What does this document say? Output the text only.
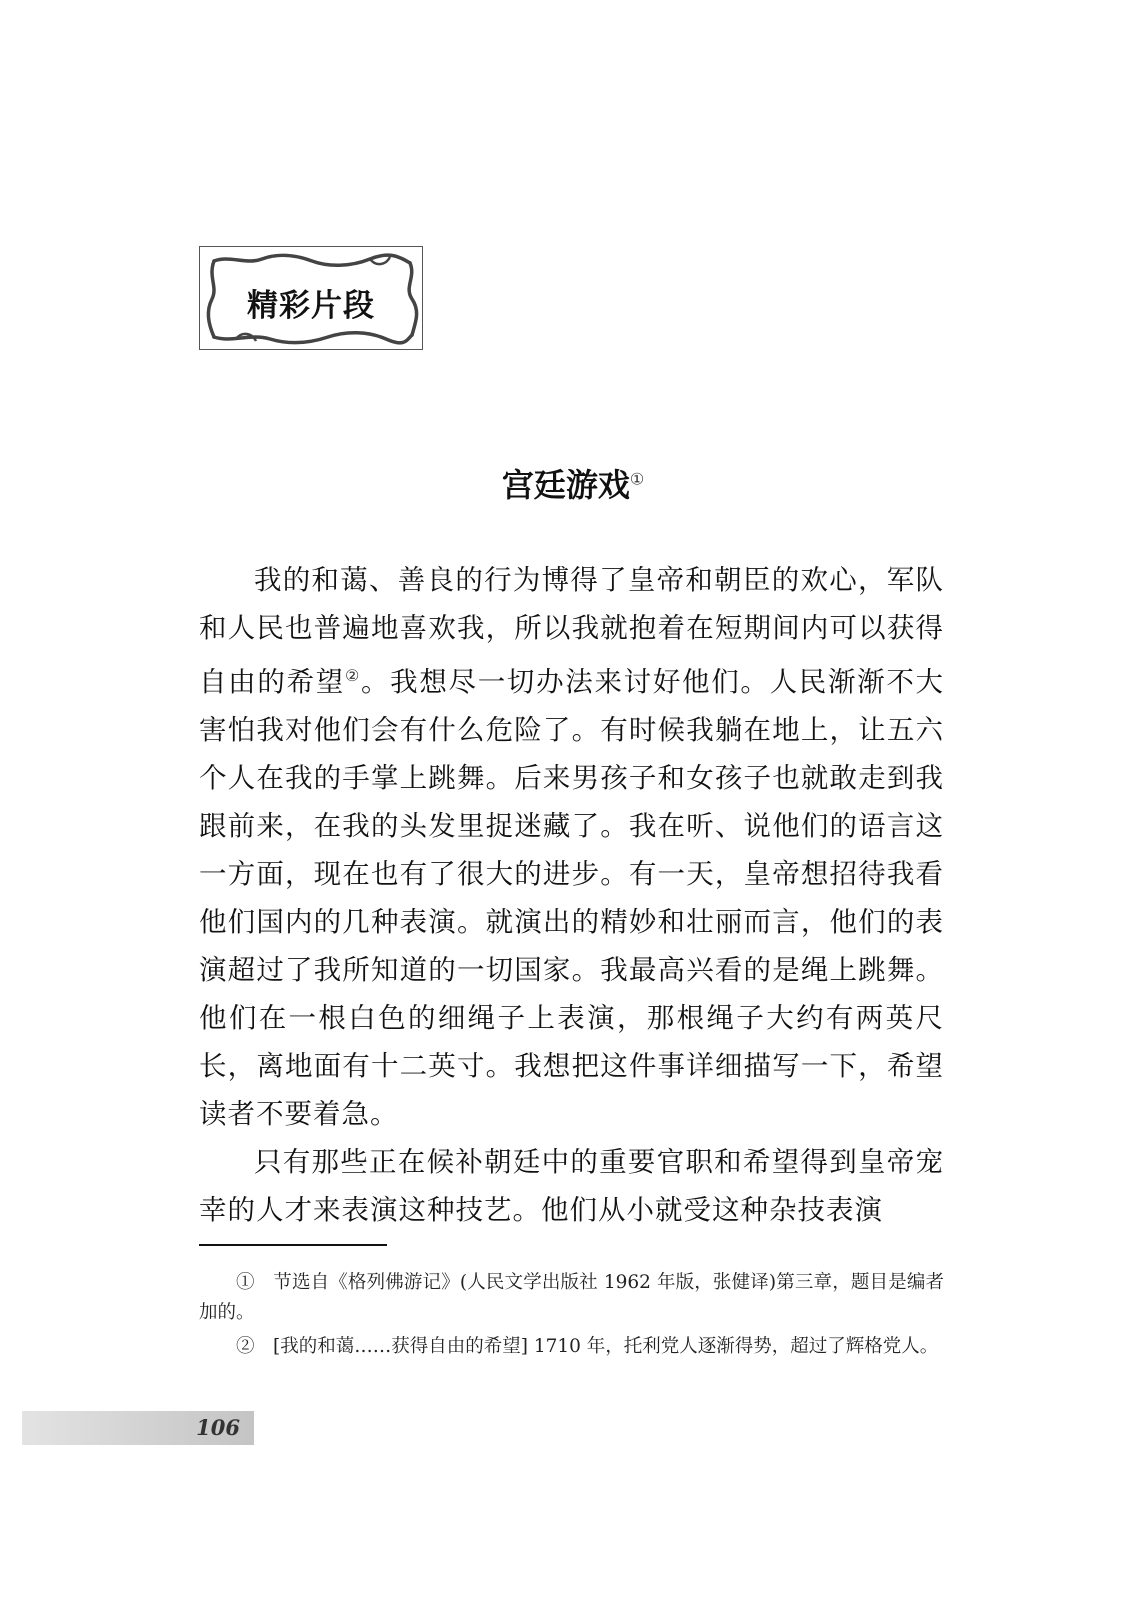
精彩片段
宫廷游戏①

我的和蔼、善良的行为博得了皇帝和朝臣的欢心，军队和人民也普遍地喜欢我，所以我就抱着在短期间内可以获得自由的希望②。我想尽一切办法来讨好他们。人民渐渐不大害怕我对他们会有什么危险了。有时候我躺在地上，让五六个人在我的手掌上跳舞。后来男孩子和女孩子也就敢走到我跟前来，在我的头发里捉迷藏了。我在听、说他们的语言这一方面，现在也有了很大的进步。有一天，皇帝想招待我看他们国内的几种表演。就演出的精妙和壮丽而言，他们的表演超过了我所知道的一切国家。我最高兴看的是绳上跳舞。他们在一根白色的细绳子上表演，那根绳子大约有两英尺长，离地面有十二英寸。我想把这件事详细描写一下，希望读者不要着急。

只有那些正在候补朝廷中的重要官职和希望得到皇帝宠幸的人才来表演这种技艺。他们从小就受这种杂技表演

①　节选自《格列佛游记》(人民文学出版社 1962 年版，张健译)第三章，题目是编者加的。

②　[我的和蔼……获得自由的希望] 1710 年，托利党人逐渐得势，超过了辉格党人。

106
